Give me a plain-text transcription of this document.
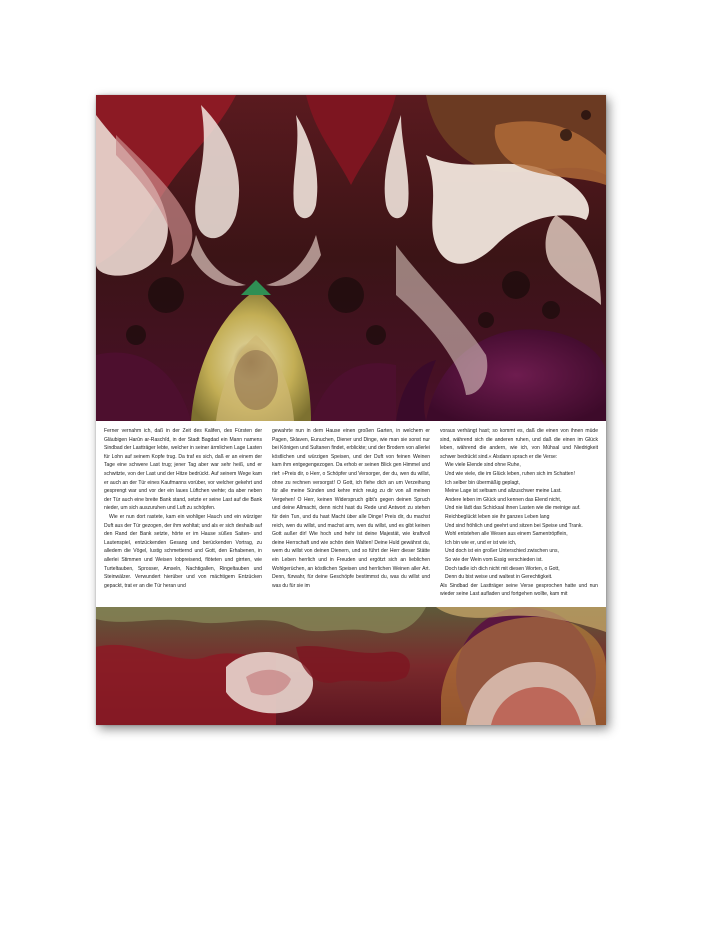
Ferner vernahm ich, daß in der Zeit des Kalifen, des Fürsten der Gläubigen Harûn ar-Raschîd, in der Stadt Bagdad ein Mann namens Sindbad der Lastträger lebte, welcher in seiner ärmlichen Lage Lasten für Lohn auf seinem Kopfe trug. Da traf es sich, daß er an einem der Tage eine schwere Last trug; jener Tag aber war sehr heiß, und er schwitzte, von der Last und der Hitze bedrückt. Auf seinem Wege kam er auch an der Tür eines Kaufmanns vorüber, vor welcher gekehrt und gesprengt war und vor der ein laues Lüftchen wehte; da aber neben der Tür auch eine breite Bank stand, setzte er seine Last auf die Bank nieder, um sich auszuruhen und Luft zu schöpfen.

Wie er nun dort rastete, kam ein wohliger Hauch und ein würziger Duft aus der Tür gezogen, der ihm wohltat; und als er sich deshalb auf den Rand der Bank setzte, hörte er im Hause süßes Saiten- und Lautenspiel, entzückenden Gesang und berückenden Vortrag, zu alledem die Vögel, lustig schmetternd und Gott, den Erhabenen, in allerlei Stimmen und Weisen lobpreisend, flöteten und girrten, wie Turteltauben, Sprosser, Amseln, Nachtigallen, Ringeltauben und Steinwälzer. Verwundert hierüber und von mächtigem Entzücken gepackt, trat er an die Tür heran und

gewahrte nun in dem Hause einen großen Garten, in welchem er Pagen, Sklaven, Eunuchen, Diener und Dinge, wie man sie sonst nur bei Königen und Sultanen findet, erblickte; und der Brodem von allerlei köstlichen und würzigen Speisen, und der Duft von feinen Weinen kam ihm entgegengezogen. Da erhob er seinen Blick gen Himmel und rief: »Preis dir, o Herr, o Schöpfer und Versorger, der du, wen du willst, ohne zu rechnen versorgst! O Gott, ich flehe dich an um Verzeihung für alle meine Sünden und kehre mich reuig zu dir von all meinen Vergehen! O Herr, keinen Widerspruch gibt's gegen deinen Spruch und deine Allmacht, denn nicht hast du Rede und Antwort zu stehen für dein Tun, und du hast Macht über alle Dinge! Preis dir, du machst reich, wen du willst, und machst arm, wen du willst, und es gibt keinen Gott außer dir! Wie hoch und hehr ist deine Majestät, wie kraftvoll deine Herrschaft und wie schön dein Walten! Deine Huld gewährst du, wem du willst von deinen Dienern, und so führt der Herr dieser Stätte ein Leben herrlich und in Freuden und ergötzt sich an lieblichen Wohlgerüchen, an köstlichen Speisen und herrlichen Weinen aller Art. Denn, fürwahr, für deine Geschöpfe bestimmst du, was du willst und was du für sie im

voraus verhängt hast; so kommt es, daß die einen von ihnen müde sind, während sich die anderen ruhen, und daß die einen im Glück leben, während die andern, wie ich, von Mühsal und Niedrigkeit schwer bedrückt sind.« Alsdann sprach er die Verse:

Wie viele Elende sind ohne Ruhe,
Und wie viele, die im Glück leben, ruhen sich im Schatten!
Ich selber bin übermäßig geplagt,
Meine Lage ist seltsam und allzuschwer meine Last.
Andere leben im Glück und kennen das Elend nicht,
Und nie lädt das Schicksal ihnen Lasten wie die meinige auf.
Reichbeglückt leben sie ihr ganzes Leben lang
Und sind fröhlich und geehrt und sitzen bei Speise und Trank.
Wohl entstehen alle Wesen aus einem Samentröpflein,
Ich bin wie er, und er ist wie ich,
Und doch ist ein großer Unterschied zwischen uns,
So wie der Wein vom Essig verschieden ist.
Doch tadle ich dich nicht mit diesen Worten, o Gott,
Denn du bist weise und waltest in Gerechtigkeit.

Als Sindbad der Lastträger seine Verse gesprochen hatte und nun wieder seine Last aufladen und fortgehen wollte, kam mit
